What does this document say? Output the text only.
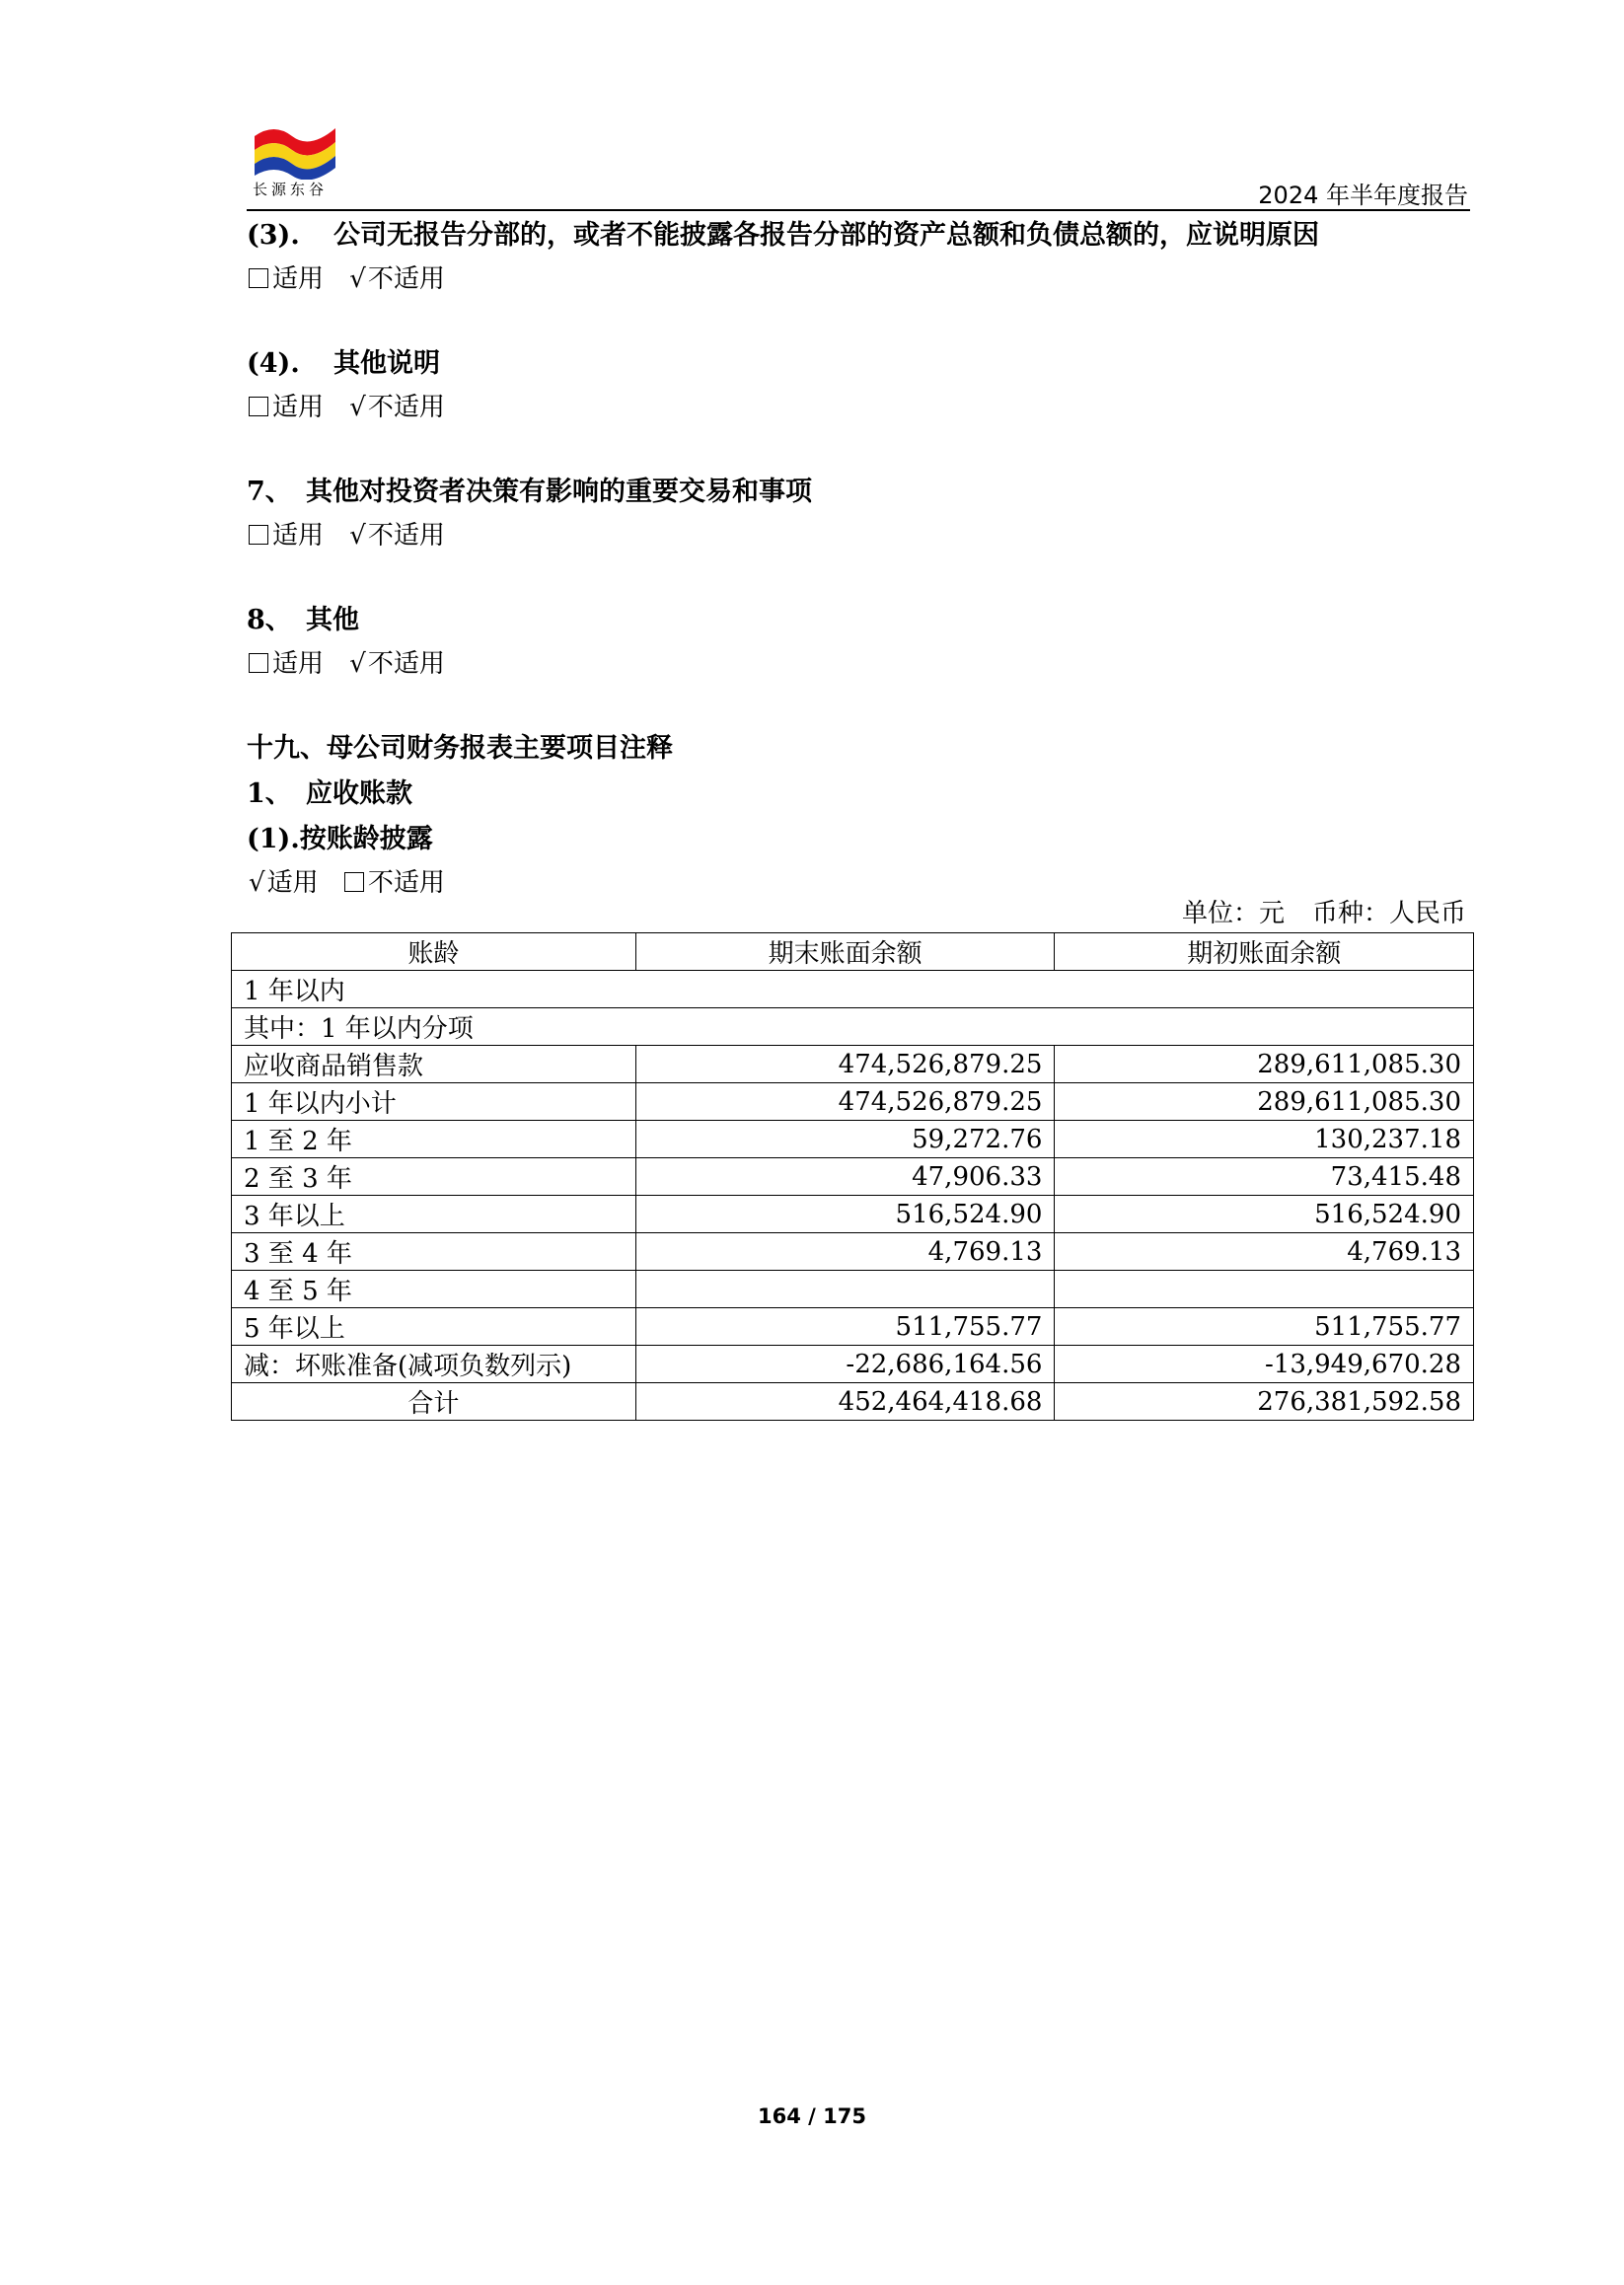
长源东谷	2024 年半年度报告
(3). 公司无报告分部的，或者不能披露各报告分部的资产总额和负债总额的，应说明原因
适用 √不适用
(4). 其他说明
适用 √不适用
7、 其他对投资者决策有影响的重要交易和事项
适用 √不适用
8、 其他
适用 √不适用
十九、母公司财务报表主要项目注释
1、 应收账款
(1).按账龄披露
√适用 不适用
单位：元 币种：人民币
账龄	期末账面余额	期初账面余额
1 年以内		
其中：1 年以内分项		
应收商品销售款	474,526,879.25	289,611,085.30
1 年以内小计	474,526,879.25	289,611,085.30
1 至 2 年	59,272.76	130,237.18
2 至 3 年	47,906.33	73,415.48
3 年以上	516,524.90	516,524.90
3 至 4 年	4,769.13	4,769.13
4 至 5 年		
5 年以上	511,755.77	511,755.77
减：坏账准备(减项负数列示)	-22,686,164.56	-13,949,670.28
合计	452,464,418.68	276,381,592.58
164 / 175
